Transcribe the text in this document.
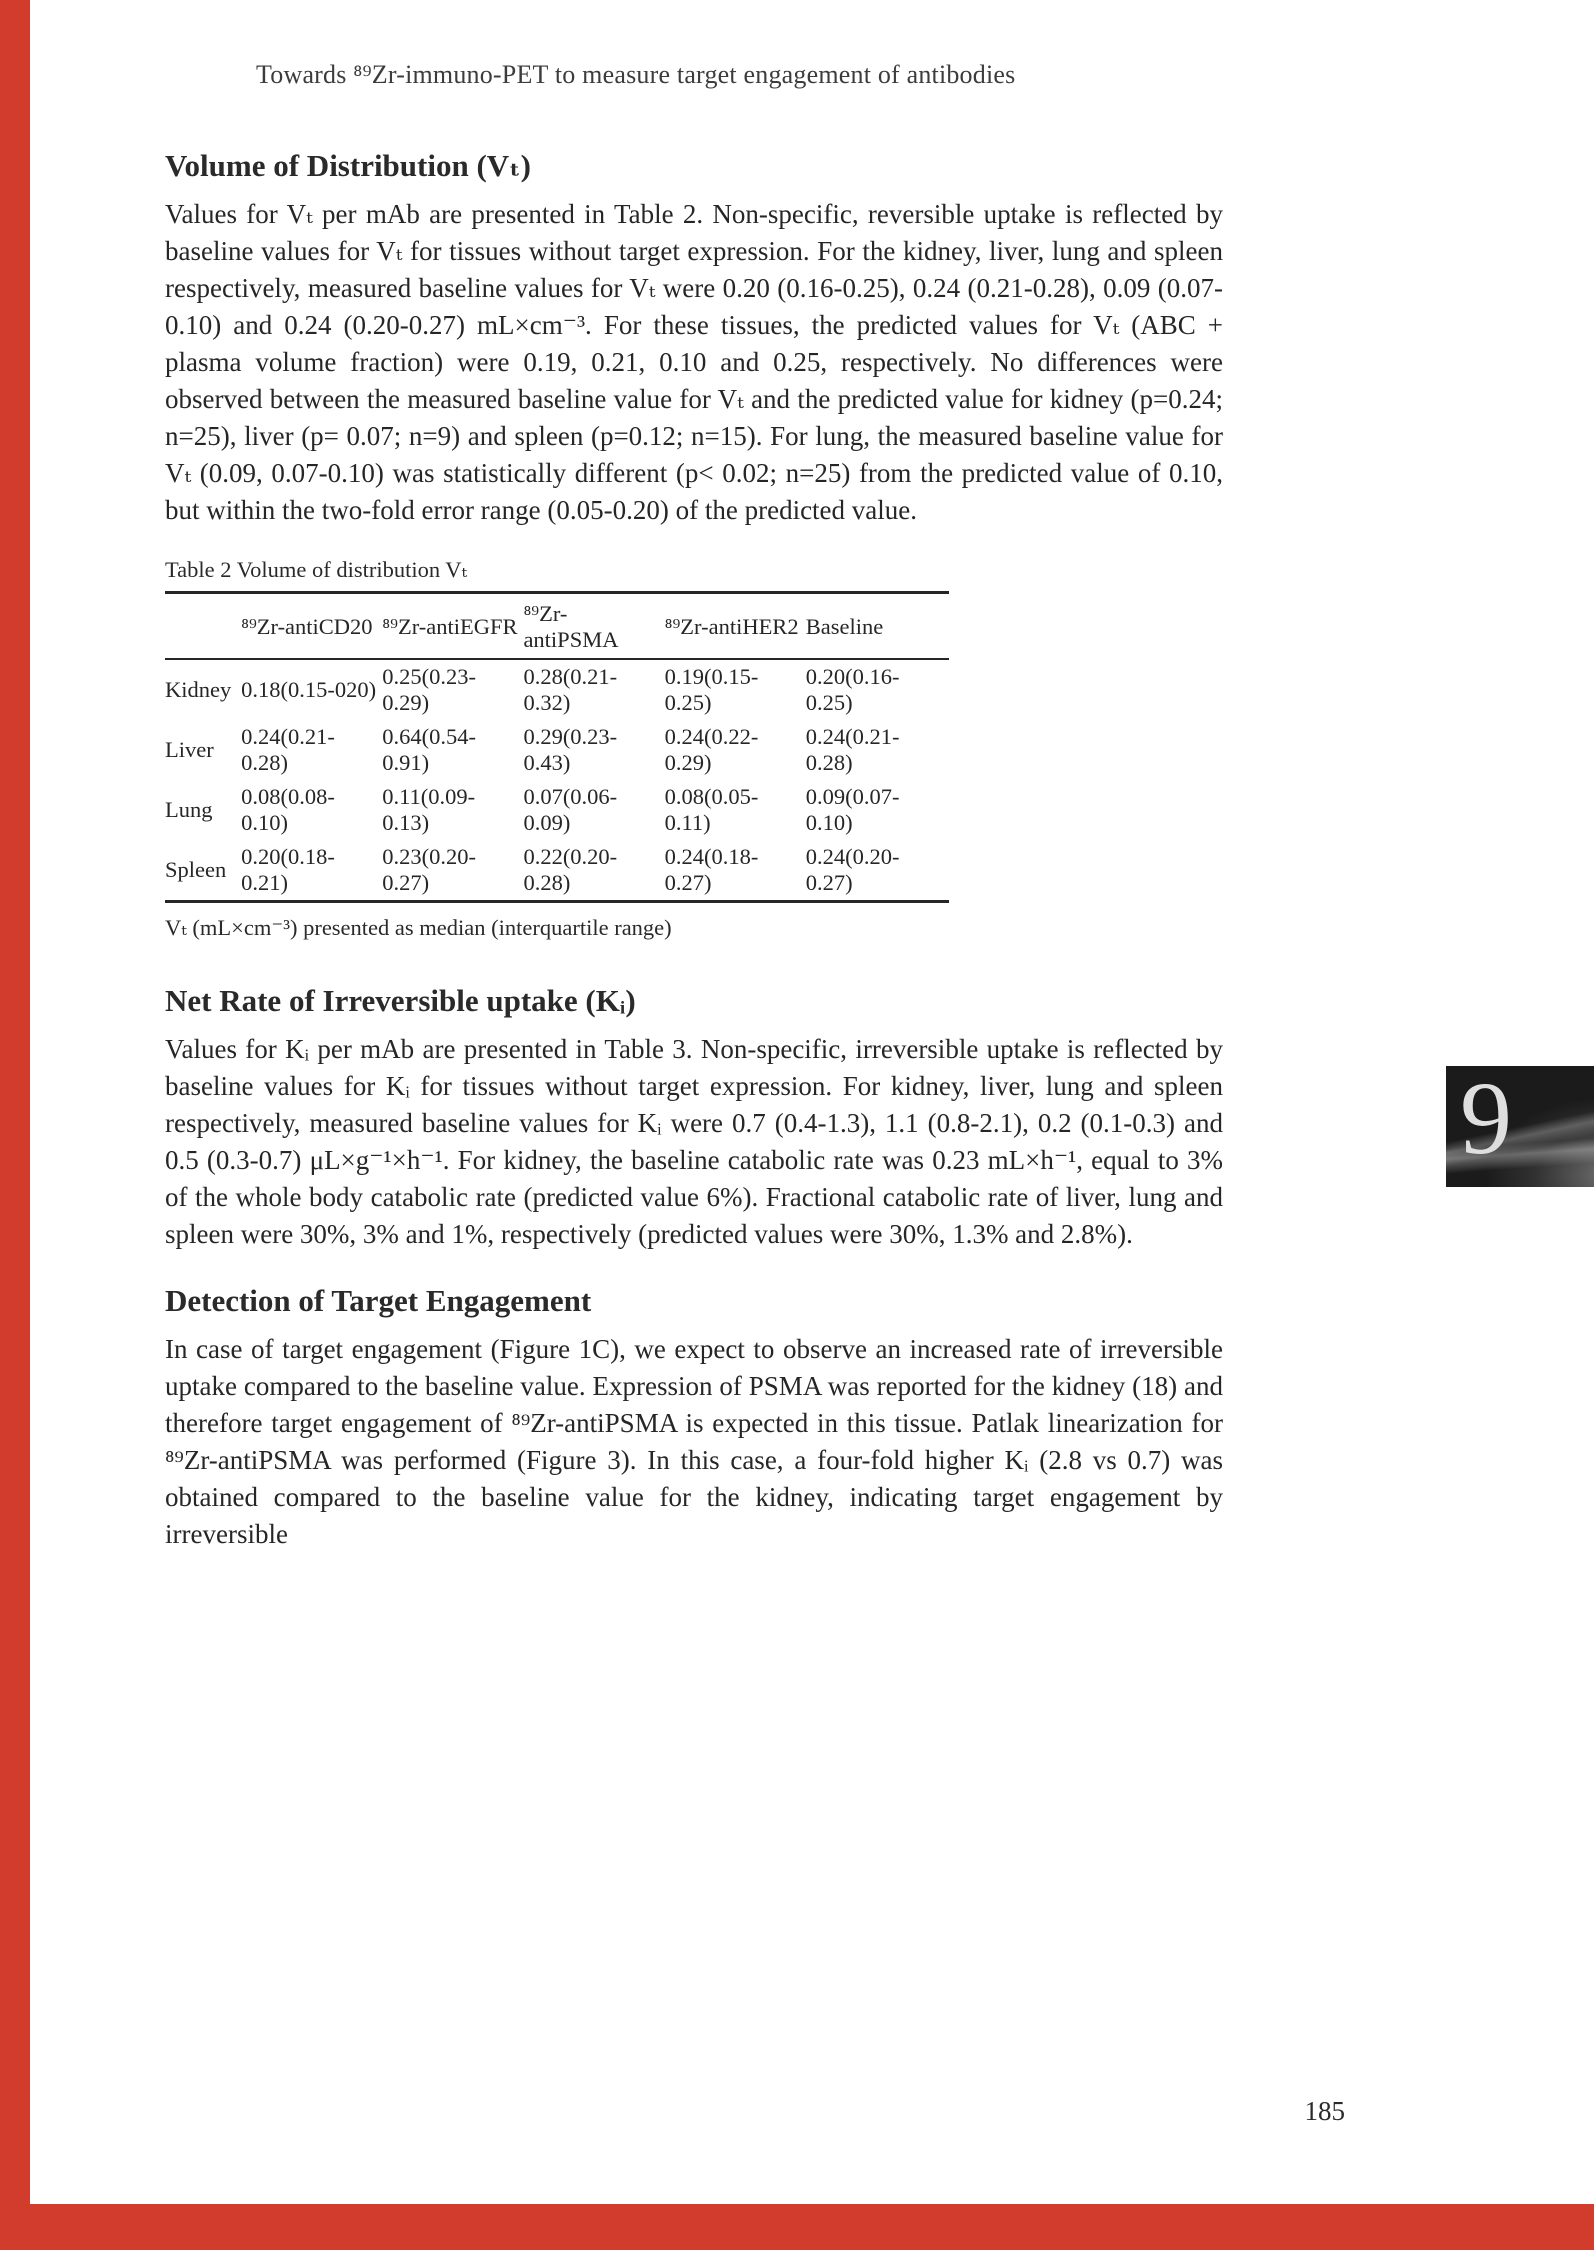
Towards ⁸⁹Zr-immuno-PET to measure target engagement of antibodies
Volume of Distribution (Vₜ)

Values for Vₜ per mAb are presented in Table 2. Non-specific, reversible uptake is reflected by baseline values for Vₜ for tissues without target expression. For the kidney, liver, lung and spleen respectively, measured baseline values for Vₜ were 0.20 (0.16-0.25), 0.24 (0.21-0.28), 0.09 (0.07-0.10) and 0.24 (0.20-0.27) mL×cm⁻³. For these tissues, the predicted values for Vₜ (ABC + plasma volume fraction) were 0.19, 0.21, 0.10 and 0.25, respectively. No differences were observed between the measured baseline value for Vₜ and the predicted value for kidney (p=0.24; n=25), liver (p= 0.07; n=9) and spleen (p=0.12; n=15). For lung, the measured baseline value for Vₜ (0.09, 0.07-0.10) was statistically different (p< 0.02; n=25) from the predicted value of 0.10, but within the two-fold error range (0.05-0.20) of the predicted value.

Table 2 Volume of distribution Vₜ

	⁸⁹Zr-antiCD20	⁸⁹Zr-antiEGFR	⁸⁹Zr-antiPSMA	⁸⁹Zr-antiHER2	Baseline
Kidney	0.18(0.15-020)	0.25(0.23-0.29)	0.28(0.21-0.32)	0.19(0.15-0.25)	0.20(0.16-0.25)
Liver	0.24(0.21-0.28)	0.64(0.54-0.91)	0.29(0.23-0.43)	0.24(0.22-0.29)	0.24(0.21-0.28)
Lung	0.08(0.08-0.10)	0.11(0.09-0.13)	0.07(0.06-0.09)	0.08(0.05-0.11)	0.09(0.07-0.10)
Spleen	0.20(0.18-0.21)	0.23(0.20-0.27)	0.22(0.20-0.28)	0.24(0.18-0.27)	0.24(0.20-0.27)

Vₜ (mL×cm⁻³) presented as median (interquartile range)

Net Rate of Irreversible uptake (Kᵢ)

Values for Kᵢ per mAb are presented in Table 3. Non-specific, irreversible uptake is reflected by baseline values for Kᵢ for tissues without target expression. For kidney, liver, lung and spleen respectively, measured baseline values for Kᵢ were 0.7 (0.4-1.3), 1.1 (0.8-2.1), 0.2 (0.1-0.3) and 0.5 (0.3-0.7) μL×g⁻¹×h⁻¹. For kidney, the baseline catabolic rate was 0.23 mL×h⁻¹, equal to 3% of the whole body catabolic rate (predicted value 6%). Fractional catabolic rate of liver, lung and spleen were 30%, 3% and 1%, respectively (predicted values were 30%, 1.3% and 2.8%).

Detection of Target Engagement

In case of target engagement (Figure 1C), we expect to observe an increased rate of irreversible uptake compared to the baseline value. Expression of PSMA was reported for the kidney (18) and therefore target engagement of ⁸⁹Zr-antiPSMA is expected in this tissue. Patlak linearization for ⁸⁹Zr-antiPSMA was performed (Figure 3). In this case, a four-fold higher Kᵢ (2.8 vs 0.7) was obtained compared to the baseline value for the kidney, indicating target engagement by irreversible

9
185
